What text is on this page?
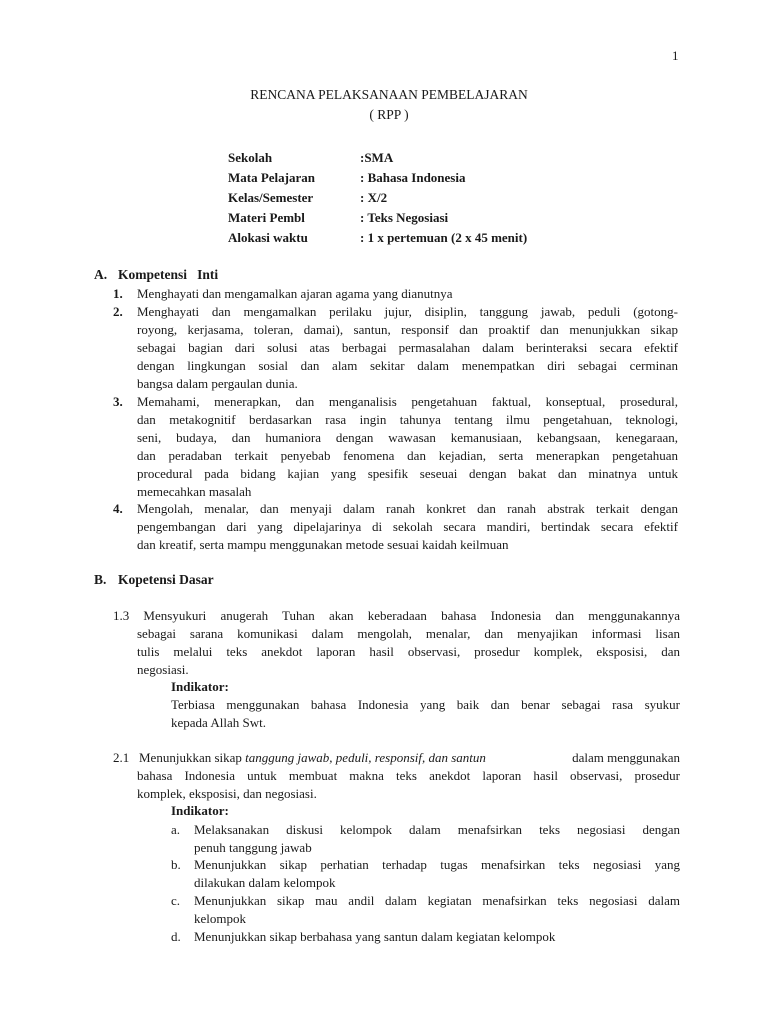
1
RENCANA PELAKSANAAN PEMBELAJARAN
( RPP )
Sekolah	:SMA
Mata Pelajaran	: Bahasa Indonesia
Kelas/Semester	: X/2
Materi Pembl	: Teks Negosiasi
Alokasi waktu	: 1 x pertemuan (2 x 45 menit)
A. Kompetensi   Inti
1.	Menghayati dan mengamalkan ajaran agama yang dianutnya
2.	Menghayati dan mengamalkan perilaku jujur, disiplin, tanggung jawab, peduli (gotong-
royong, kerjasama, toleran, damai), santun, responsif dan proaktif dan menunjukkan sikap
sebagai bagian dari solusi atas berbagai permasalahan dalam berinteraksi secara efektif
dengan lingkungan sosial dan alam sekitar dalam menempatkan diri sebagai cerminan
bangsa dalam pergaulan dunia.
3.	Memahami, menerapkan, dan menganalisis pengetahuan faktual, konseptual, prosedural,
dan metakognitif berdasarkan rasa ingin tahunya tentang ilmu pengetahuan, teknologi,
seni, budaya, dan humaniora dengan wawasan kemanusiaan, kebangsaan, kenegaraan,
dan peradaban terkait penyebab fenomena dan kejadian, serta menerapkan pengetahuan
procedural pada bidang kajian yang spesifik seseuai dengan bakat dan minatnya untuk
memecahkan masalah
4.	Mengolah, menalar, dan menyaji dalam ranah konkret dan ranah abstrak terkait dengan
pengembangan dari yang dipelajarinya di sekolah secara mandiri, bertindak secara efektif
dan kreatif, serta mampu menggunakan metode sesuai kaidah keilmuan
B. Kopetensi Dasar
1.3 Mensyukuri anugerah Tuhan akan keberadaan bahasa Indonesia dan menggunakannya
sebagai sarana komunikasi dalam mengolah, menalar, dan menyajikan informasi lisan
tulis melalui teks anekdot laporan hasil observasi, prosedur komplek, eksposisi, dan
negosiasi.
Indikator:
Terbiasa menggunakan bahasa Indonesia yang baik dan benar sebagai rasa syukur
kepada Allah Swt.
2.1   Menunjukkan sikap tanggung jawab, peduli, responsif, dan santun	dalam menggunakan
bahasa Indonesia untuk membuat makna teks anekdot laporan hasil observasi, prosedur
komplek, eksposisi, dan negosiasi.
Indikator:
a. Melaksanakan diskusi kelompok dalam menafsirkan teks negosiasi dengan
penuh tanggung jawab
b. Menunjukkan sikap perhatian terhadap tugas menafsirkan teks negosiasi yang
dilakukan dalam kelompok
c. Menunjukkan sikap mau andil dalam kegiatan menafsirkan teks negosiasi dalam
kelompok
d. Menunjukkan sikap berbahasa yang santun dalam kegiatan kelompok
